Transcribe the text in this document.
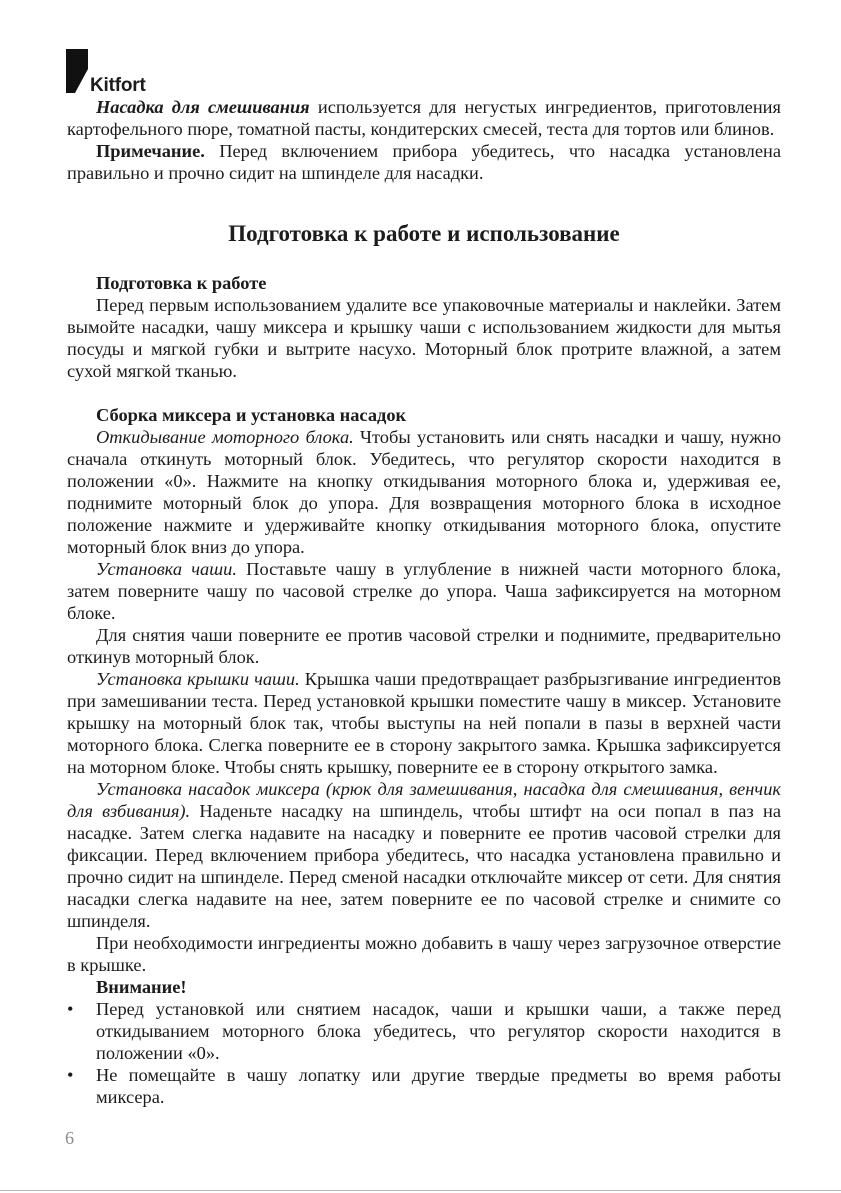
Kitfort

Насадка для смешивания используется для негустых ингредиентов, приготовления картофельного пюре, томатной пасты, кондитерских смесей, теста для тортов или блинов.

Примечание. Перед включением прибора убедитесь, что насадка установлена правильно и прочно сидит на шпинделе для насадки.

Подготовка к работе и использование

Подготовка к работе

Перед первым использованием удалите все упаковочные материалы и наклейки. Затем вымойте насадки, чашу миксера и крышку чаши с использованием жидкости для мытья посуды и мягкой губки и вытрите насухо. Моторный блок протрите влажной, а затем сухой мягкой тканью.

Сборка миксера и установка насадок

Откидывание моторного блока. Чтобы установить или снять насадки и чашу, нужно сначала откинуть моторный блок. Убедитесь, что регулятор скорости находится в положении «0». Нажмите на кнопку откидывания моторного блока и, удерживая ее, поднимите моторный блок до упора. Для возвращения моторного блока в исходное положение нажмите и удерживайте кнопку откидывания моторного блока, опустите моторный блок вниз до упора.

Установка чаши. Поставьте чашу в углубление в нижней части моторного блока, затем поверните чашу по часовой стрелке до упора. Чаша зафиксируется на моторном блоке.

Для снятия чаши поверните ее против часовой стрелки и поднимите, предварительно откинув моторный блок.

Установка крышки чаши. Крышка чаши предотвращает разбрызгивание ингредиентов при замешивании теста. Перед установкой крышки поместите чашу в миксер. Установите крышку на моторный блок так, чтобы выступы на ней попали в пазы в верхней части моторного блока. Слегка поверните ее в сторону закрытого замка. Крышка зафиксируется на моторном блоке. Чтобы снять крышку, поверните ее в сторону открытого замка.

Установка насадок миксера (крюк для замешивания, насадка для смешивания, венчик для взбивания). Наденьте насадку на шпиндель, чтобы штифт на оси попал в паз на насадке. Затем слегка надавите на насадку и поверните ее против часовой стрелки для фиксации. Перед включением прибора убедитесь, что насадка установлена правильно и прочно сидит на шпинделе. Перед сменой насадки отключайте миксер от сети. Для снятия насадки слегка надавите на нее, затем поверните ее по часовой стрелке и снимите со шпинделя.

При необходимости ингредиенты можно добавить в чашу через загрузочное отверстие в крышке.

Внимание!

• Перед установкой или снятием насадок, чаши и крышки чаши, а также перед откидыванием моторного блока убедитесь, что регулятор скорости находится в положении «0».
• Не помещайте в чашу лопатку или другие твердые предметы во время работы миксера.
6
